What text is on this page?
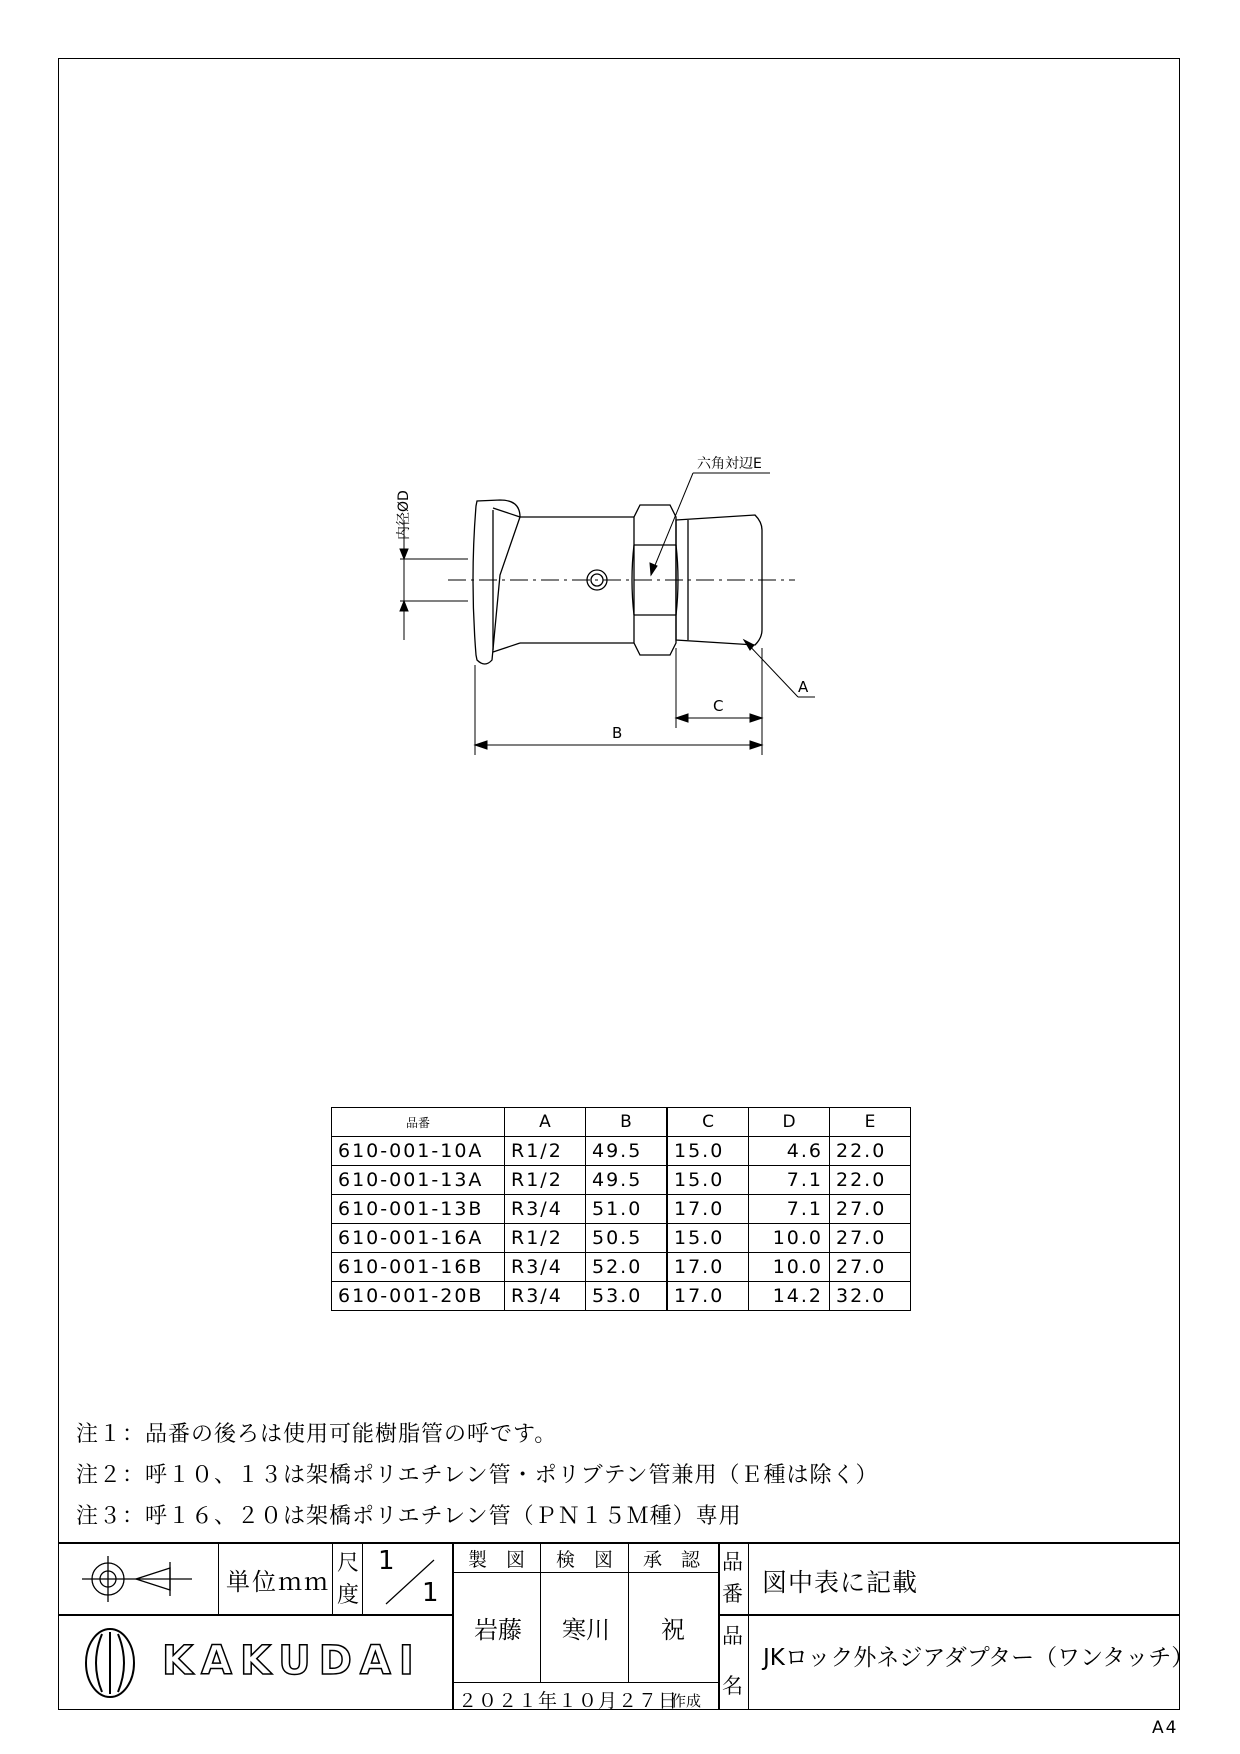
内径ØD
六角対辺E
A
C
B
品番	A	B	C	D	E
610-001-10A	R1/2	49.5	15.0	4.6	22.0
610-001-13A	R1/2	49.5	15.0	7.1	22.0
610-001-13B	R3/4	51.0	17.0	7.1	27.0
610-001-16A	R1/2	50.5	15.0	10.0	27.0
610-001-16B	R3/4	52.0	17.0	10.0	27.0
610-001-20B	R3/4	53.0	17.0	14.2	32.0
注１：品番の後ろは使用可能樹脂管の呼です。
注２：呼１０、１３は架橋ポリエチレン管・ポリブテン管兼用（Ｅ種は除く）
注３：呼１６、２０は架橋ポリエチレン管（ＰＮ１５Ｍ種）専用
単位ｍｍ
尺
度
1
1
製　図 検　図 承　認
岩藤 寒川 祝
２０２１年１０月２７日
作成
品
番 図中表に記載
品
名
JKロック外ネジアダプター（ワンタッチ）
KAKUDAI
A4
